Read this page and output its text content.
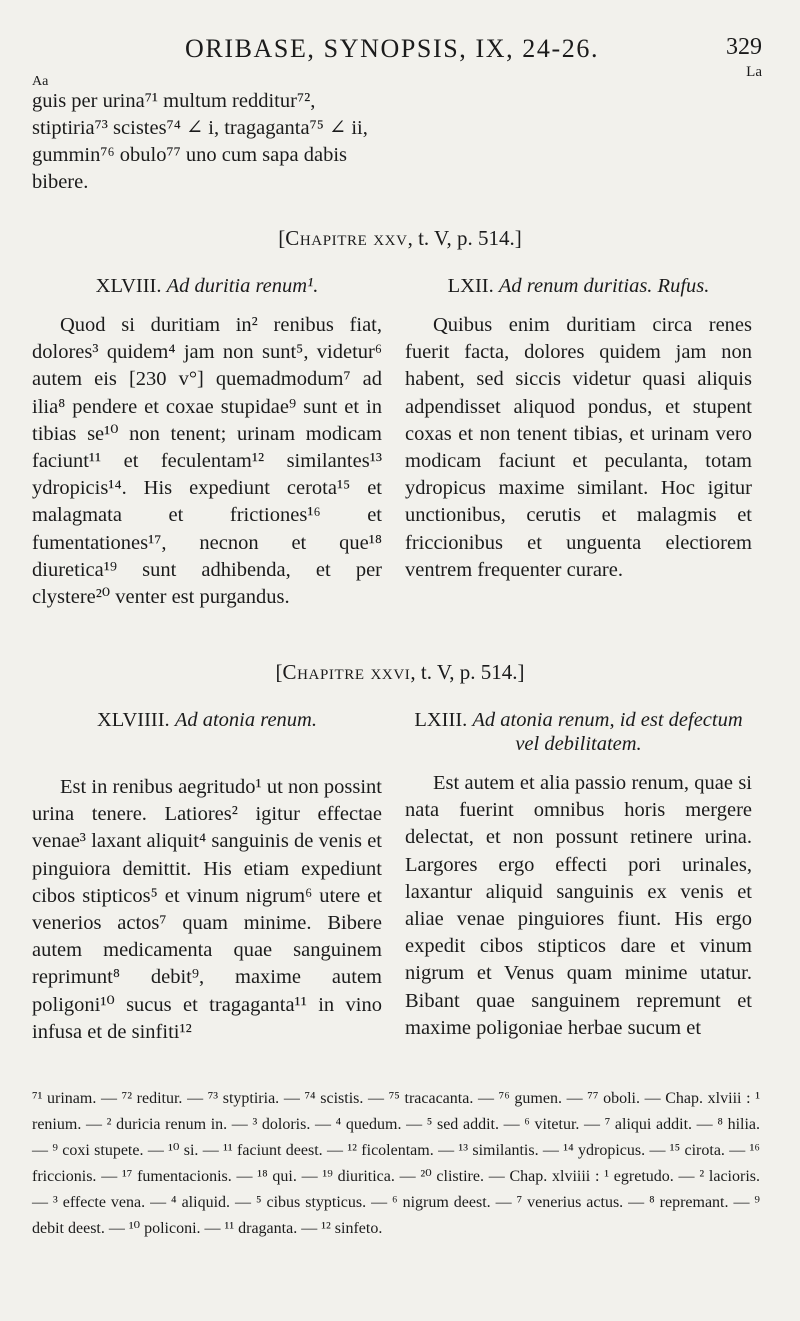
ORIBASE, SYNOPSIS, IX, 24-26.	329
La
Aa

guis per urina⁷¹ multum redditur⁷², stiptiria⁷³ scistes⁷⁴ ∠ i, tragaganta⁷⁵ ∠ ii, gummin⁷⁶ obulo⁷⁷ uno cum sapa dabis bibere.

[Chapitre xxv, t. V, p. 514.]
XLVIII. Ad duritia renum¹.

Quod si duritiam in² renibus fiat, dolores³ quidem⁴ jam non sunt⁵, videtur⁶ autem eis [230 v°] quemadmodum⁷ ad ilia⁸ pendere et coxae stupidae⁹ sunt et in tibias se¹⁰ non tenent; urinam modicam faciunt¹¹ et feculentam¹² similantes¹³ ydropicis¹⁴. His expediunt cerota¹⁵ et malagmata et frictiones¹⁶ et fumentationes¹⁷, necnon et que¹⁸ diuretica¹⁹ sunt adhibenda, et per clystere²⁰ venter est purgandus.

LXII. Ad renum duritias. Rufus.

Quibus enim duritiam circa renes fuerit facta, dolores quidem jam non habent, sed siccis videtur quasi aliquis adpendisset aliquod pondus, et stupent coxas et non tenent tibias, et urinam vero modicam faciunt et peculanta, totam ydropicus maxime similant. Hoc igitur unctionibus, cerutis et malagmis et friccionibus et unguenta electiorem ventrem frequenter curare.

[Chapitre xxvi, t. V, p. 514.]
XLVIIII. Ad atonia renum.

Est in renibus aegritudo¹ ut non possint urina tenere. Latiores² igitur effectae venae³ laxant aliquit⁴ sanguinis de venis et pinguiora demittit. His etiam expediunt cibos stipticos⁵ et vinum nigrum⁶ utere et venerios actos⁷ quam minime. Bibere autem medicamenta quae sanguinem reprimunt⁸ debit⁹, maxime autem poligoni¹⁰ sucus et tragaganta¹¹ in vino infusa et de sinfiti¹²

LXIII. Ad atonia renum, id est defectum vel debilitatem.

Est autem et alia passio renum, quae si nata fuerint omnibus horis mergere delectat, et non possunt retinere urina. Largores ergo effecti pori urinales, laxantur aliquid sanguinis ex venis et aliae venae pinguiores fiunt. His ergo expedit cibos stipticos dare et vinum nigrum et Venus quam minime utatur. Bibant quae sanguinem repremunt et maxime poligoniae herbae sucum et

⁷¹ urinam. — ⁷² reditur. — ⁷³ styptiria. — ⁷⁴ scistis. — ⁷⁵ tracacanta. — ⁷⁶ gumen. — ⁷⁷ oboli. — Chap. xlviii : ¹ renium. — ² duricia renum in. — ³ doloris. — ⁴ quedum. — ⁵ sed addit. — ⁶ vitetur. — ⁷ aliqui addit. — ⁸ hilia. — ⁹ coxi stupete. — ¹⁰ si. — ¹¹ faciunt deest. — ¹² ficolentam. — ¹³ similantis. — ¹⁴ ydropicus. — ¹⁵ cirota. — ¹⁶ friccionis. — ¹⁷ fumentacionis. — ¹⁸ qui. — ¹⁹ diuritica. — ²⁰ clistire. — Chap. xlviiii : ¹ egretudo. — ² lacioris. — ³ effecte vena. — ⁴ aliquid. — ⁵ cibus stypticus. — ⁶ nigrum deest. — ⁷ venerius actus. — ⁸ repremant. — ⁹ debit deest. — ¹⁰ policoni. — ¹¹ draganta. — ¹² sinfeto.
